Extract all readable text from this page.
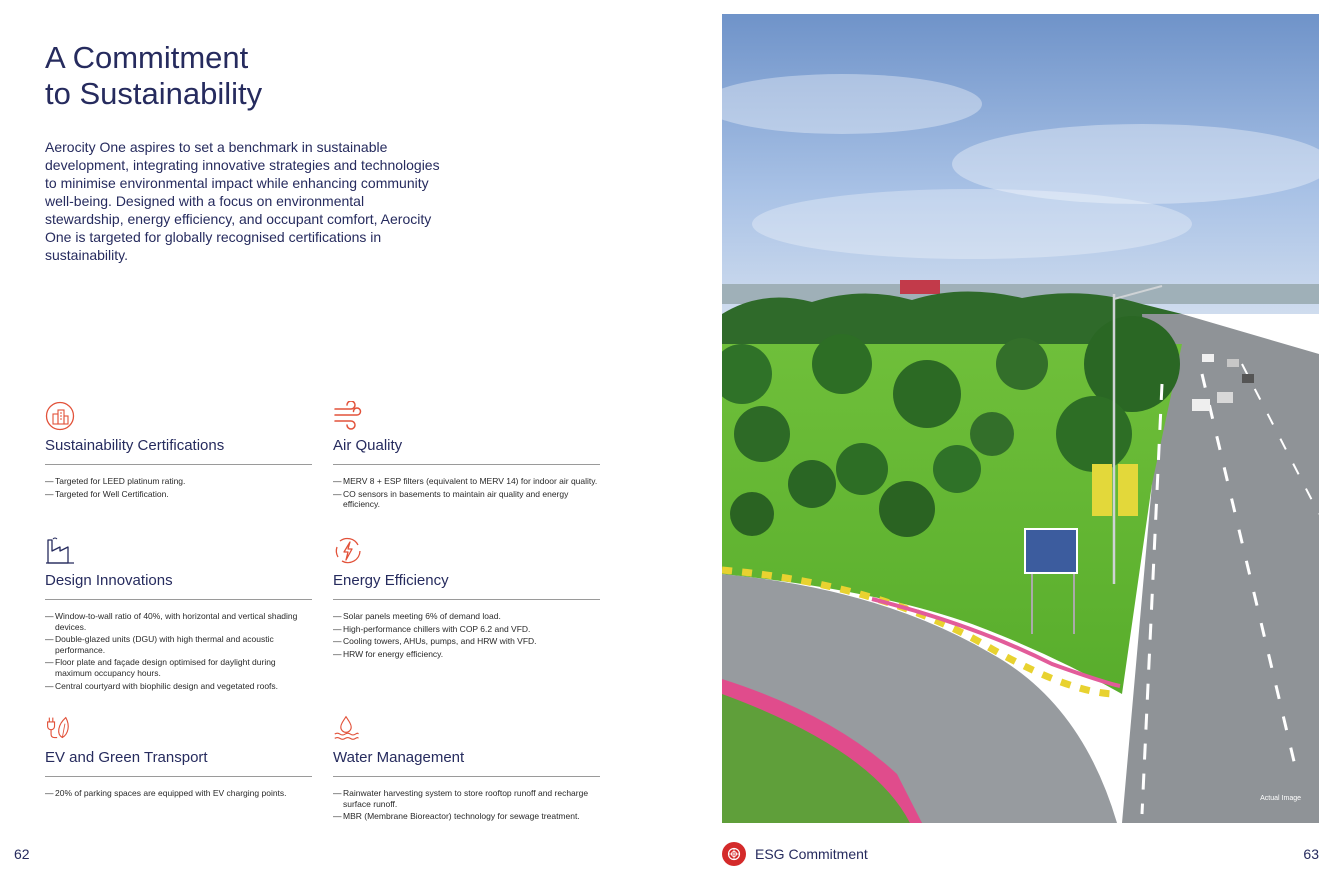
A Commitment
to Sustainability

Aerocity One aspires to set a benchmark in sustainable development, integrating innovative strategies and technologies to minimise environmental impact while enhancing community well-being. Designed with a focus on environmental stewardship, energy efficiency, and occupant comfort, Aerocity One is targeted for globally recognised certifications in sustainability.

Sustainability Certifications
— Targeted for LEED platinum rating.
— Targeted for Well Certification.
Air Quality
— MERV 8 + ESP filters (equivalent to MERV 14) for indoor air quality.
— CO sensors in basements to maintain air quality and energy efficiency.
Design Innovations
— Window-to-wall ratio of 40%, with horizontal and vertical shading devices.
— Double-glazed units (DGU) with high thermal and acoustic performance.
— Floor plate and façade design optimised for daylight during maximum occupancy hours.
— Central courtyard with biophilic design and vegetated roofs.
Energy Efficiency
— Solar panels meeting 6% of demand load.
— High-performance chillers with COP 6.2 and VFD.
— Cooling towers, AHUs, pumps, and HRW with VFD.
— HRW for energy efficiency.
EV and Green Transport
— 20% of parking spaces are equipped with EV charging points.
Water Management
— Rainwater harvesting system to store rooftop runoff and recharge surface runoff.
— MBR (Membrane Bioreactor) technology for sewage treatment.
Actual Image
62	ESG Commitment	63
